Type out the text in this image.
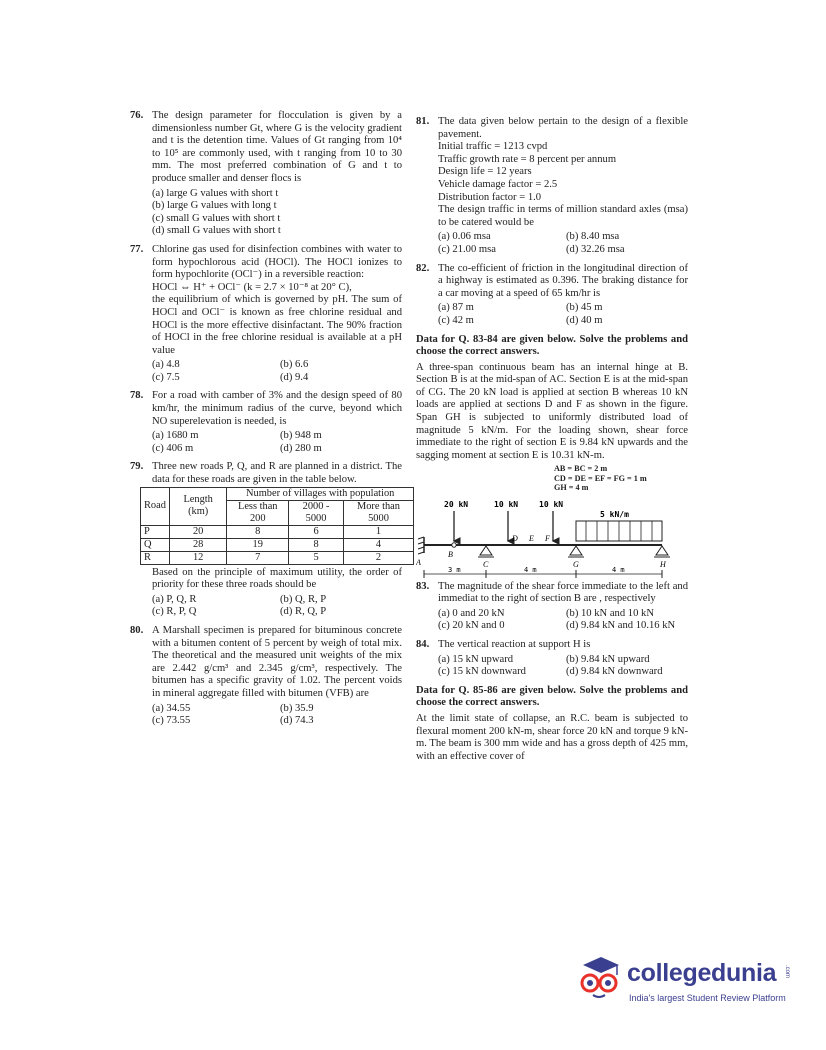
76. The design parameter for flocculation is given by a dimensionless number Gt, where G is the velocity gradient and t is the detention time. Values of Gt ranging from 10⁴ to 10⁵ are commonly used, with t ranging from 10 to 30 mm. The most preferred combination of G and t to produce smaller and denser flocs is
(a) large G values with short t
(b) large G values with long t
(c) small G values with short t
(d) small G values with short t
77. Chlorine gas used for disinfection combines with water to form hypochlorous acid (HOCl). The HOCl ionizes to form hypochlorite (OCl⁻) in a reversible reaction:
HOCl ⇔ H⁺ + OCl⁻ (k = 2.7 × 10⁻⁸ at 20° C),
the equilibrium of which is governed by pH. The sum of HOCl and OCl⁻ is known as free chlorine residual and HOCl is the more effective disinfactant. The 90% fraction of HOCl in the free chlorine residual is available at a pH value
(a) 4.8	(b) 6.6
(c) 7.5	(d) 9.4
78. For a road with camber of 3% and the design speed of 80 km/hr, the minimum radius of the curve, beyond which NO superelevation is needed, is
(a) 1680 m	(b) 948 m
(c) 406 m	(d) 280 m
79. Three new roads P, Q, and R are planned in a district. The data for these roads are given in the table below.
Road	Length (km)	Number of villages with population		
		Less than 200	2000 - 5000	More than 5000
P	20	8	6	1
Q	28	19	8	4
R	12	7	5	2
Based on the principle of maximum utility, the order of priority for these three roads should be
(a) P, Q, R	(b) Q, R, P
(c) R, P, Q	(d) R, Q, P
80. A Marshall specimen is prepared for bituminous concrete with a bitumen content of 5 percent by weigh of total mix. The theoretical and the measured unit weights of the mix are 2.442 g/cm³ and 2.345 g/cm³, respectively. The bitumen has a specific gravity of 1.02. The percent voids in mineral aggregate filled with bitumen (VFB) are
(a) 34.55	(b) 35.9
(c) 73.55	(d) 74.3
81. The data given below pertain to the design of a flexible pavement.
Initial traffic = 1213 cvpd
Traffic growth rate = 8 percent per annum
Design life = 12 years
Vehicle damage factor = 2.5
Distribution factor = 1.0
The design traffic in terms of million standard axles (msa) to be catered would be
(a) 0.06 msa	(b) 8.40 msa
(c) 21.00 msa	(d) 32.26 msa
82. The co-efficient of friction in the longitudinal direction of a highway is estimated as 0.396. The braking distance for a car moving at a speed of 65 km/hr is
(a) 87 m	(b) 45 m
(c) 42 m	(d) 40 m
Data for Q. 83-84 are given below. Solve the problems and choose the correct answers.
A three-span continuous beam has an internal hinge at B. Section B is at the mid-span of AC. Section E is at the mid-span of CG. The 20 kN load is applied at section B whereas 10 kN loads are applied at sections D and F as shown in the figure. Span GH is subjected to uniformly distributed load of magnitude 5 kN/m. For the loading shown, shear force immediate to the right of section E is 9.84 kN upwards and the sagging moment at section E is 10.31 kN-m.
AB = BC = 2 m
CD = DE = EF = FG = 1 m
GH = 4 m
20 kN	10 kN	10 kN
5 kN/m
A
B
C
D E F
G	H
3 m	4 m	4 m
83. The magnitude of the shear force immediate to the left and immediat to the right of section B are , respectively
(a) 0 and 20 kN	(b) 10 kN and 10 kN
(c) 20 kN and 0	(d) 9.84 kN and 10.16 kN
84. The vertical reaction at support H is
(a) 15 kN upward	(b) 9.84 kN upward
(c) 15 kN downward	(d) 9.84 kN downward
Data for Q. 85-86 are given below. Solve the problems and choose the correct answers.
At the limit state of collapse, an R.C. beam is subjected to flexural moment 200 kN-m, shear force 20 kN and torque 9 kN-m. The beam is 300 mm wide and has a gross depth of 425 mm, with an effective cover of
collegedunia .com
India's largest Student Review Platform
